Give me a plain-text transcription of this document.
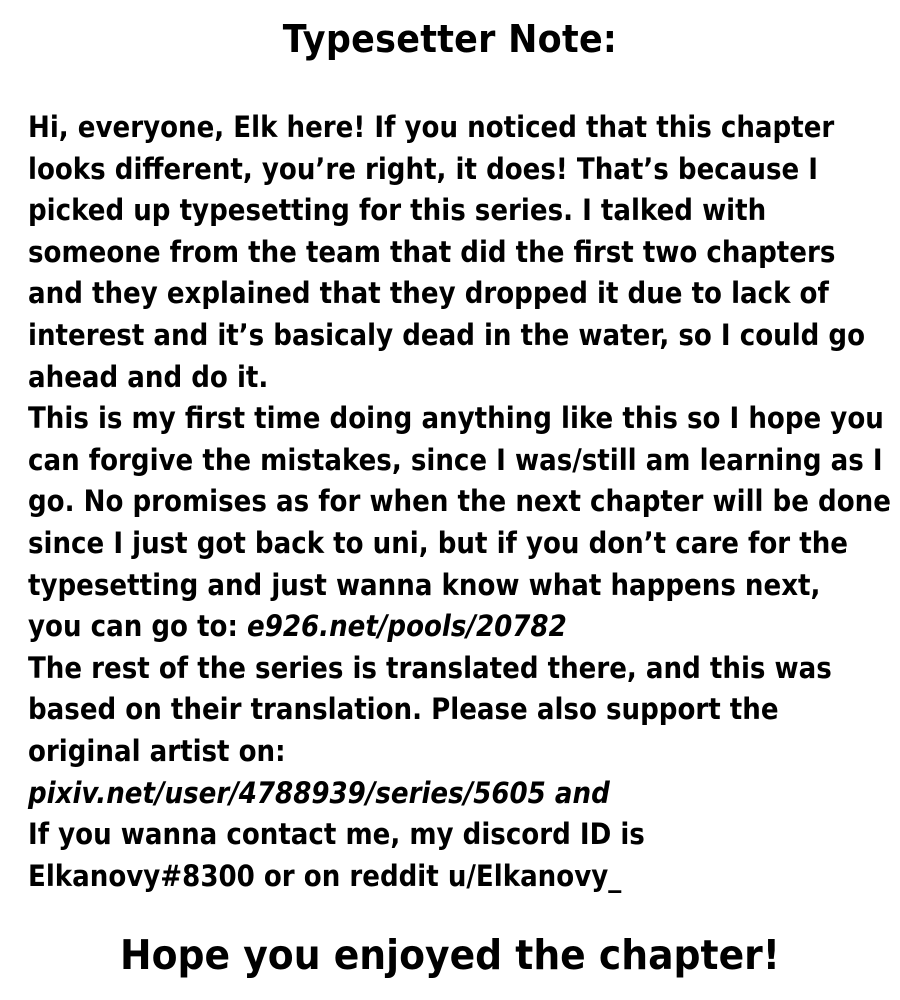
Typesetter Note:
Hi, everyone, Elk here! If you noticed that this chapter
looks different, you’re right, it does! That’s because I
picked up typesetting for this series. I talked with
someone from the team that did the first two chapters
and they explained that they dropped it due to lack of
interest and it’s basicaly dead in the water, so I could go
ahead and do it.
This is my first time doing anything like this so I hope you
can forgive the mistakes, since I was/still am learning as I
go. No promises as for when the next chapter will be done
since I just got back to uni, but if you don’t care for the
typesetting and just wanna know what happens next,
you can go to: e926.net/pools/20782
The rest of the series is translated there, and this was
based on their translation. Please also support the
original artist on:
pixiv.net/user/4788939/series/5605 and
If you wanna contact me, my discord ID is
Elkanovy#8300 or on reddit u/Elkanovy_
Hope you enjoyed the chapter!
